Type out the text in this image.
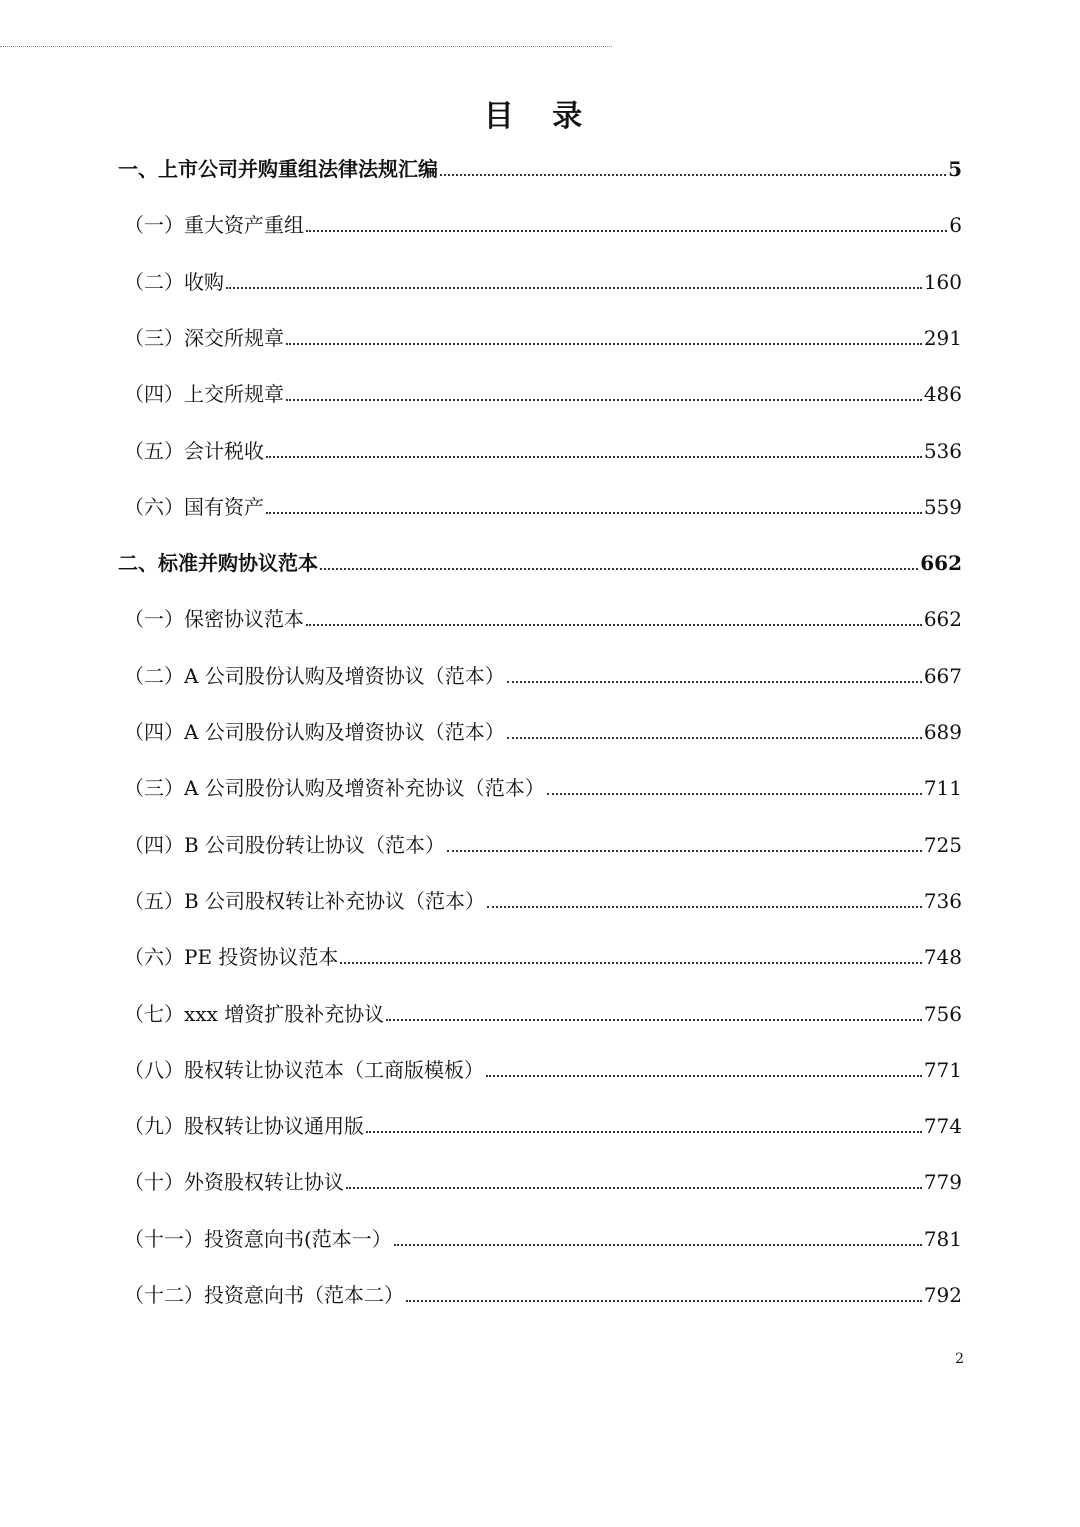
目 录
一、上市公司并购重组法律法规汇编	5
（一）重大资产重组	6
（二）收购	160
（三）深交所规章	291
（四）上交所规章	486
（五）会计税收	536
（六）国有资产	559
二、标准并购协议范本	662
（一）保密协议范本	662
（二）A 公司股份认购及增资协议（范本）	667
（四）A 公司股份认购及增资协议（范本）	689
（三）A 公司股份认购及增资补充协议（范本）	711
（四）B 公司股份转让协议（范本）	725
（五）B 公司股权转让补充协议（范本）	736
（六）PE 投资协议范本	748
（七）xxx 增资扩股补充协议	756
（八）股权转让协议范本（工商版模板）	771
（九）股权转让协议通用版	774
（十）外资股权转让协议	779
（十一）投资意向书(范本一）	781
（十二）投资意向书（范本二）	792
2
